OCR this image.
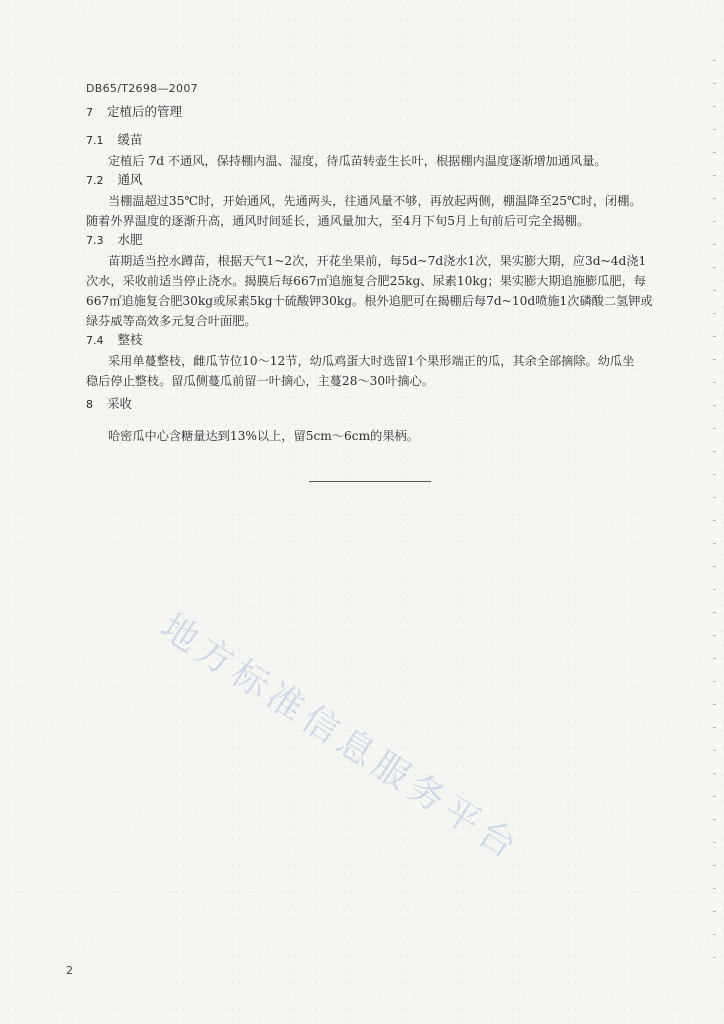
DB65/T2698—2007
7 定植后的管理
7.1 缓苗
定植后 7d 不通风，保持棚内温、湿度，待瓜苗转壶生长叶，根据棚内温度逐渐增加通风量。
7.2 通风
当棚温超过35℃时，开始通风，先通两头，往通风量不够，再放起两侧，棚温降至25℃时，闭棚。
随着外界温度的逐渐升高，通风时间延长，通风量加大，至4月下旬5月上旬前后可完全揭棚。
7.3 水肥
苗期适当控水蹲苗，根据天气1~2次，开花坐果前，每5d~7d浇水1次，果实膨大期，应3d~4d浇1
次水，采收前适当停止浇水。揭膜后每667㎡追施复合肥25kg、尿素10kg；果实膨大期追施膨瓜肥，每
667㎡追施复合肥30kg或尿素5kg十硫酸钾30kg。根外追肥可在揭棚后每7d~10d喷施1次磷酸二氢钾或
绿芬威等高效多元复合叶面肥。
7.4 整枝
采用单蔓整枝，雌瓜节位10～12节，幼瓜鸡蛋大时选留1个果形端正的瓜，其余全部摘除。幼瓜坐
稳后停止整枝。留瓜侧蔓瓜前留一叶摘心，主蔓28～30叶摘心。
8 采收
哈密瓜中心含糖量达到13%以上，留5cm～6cm的果柄。
地方标准信息服务平台
2
